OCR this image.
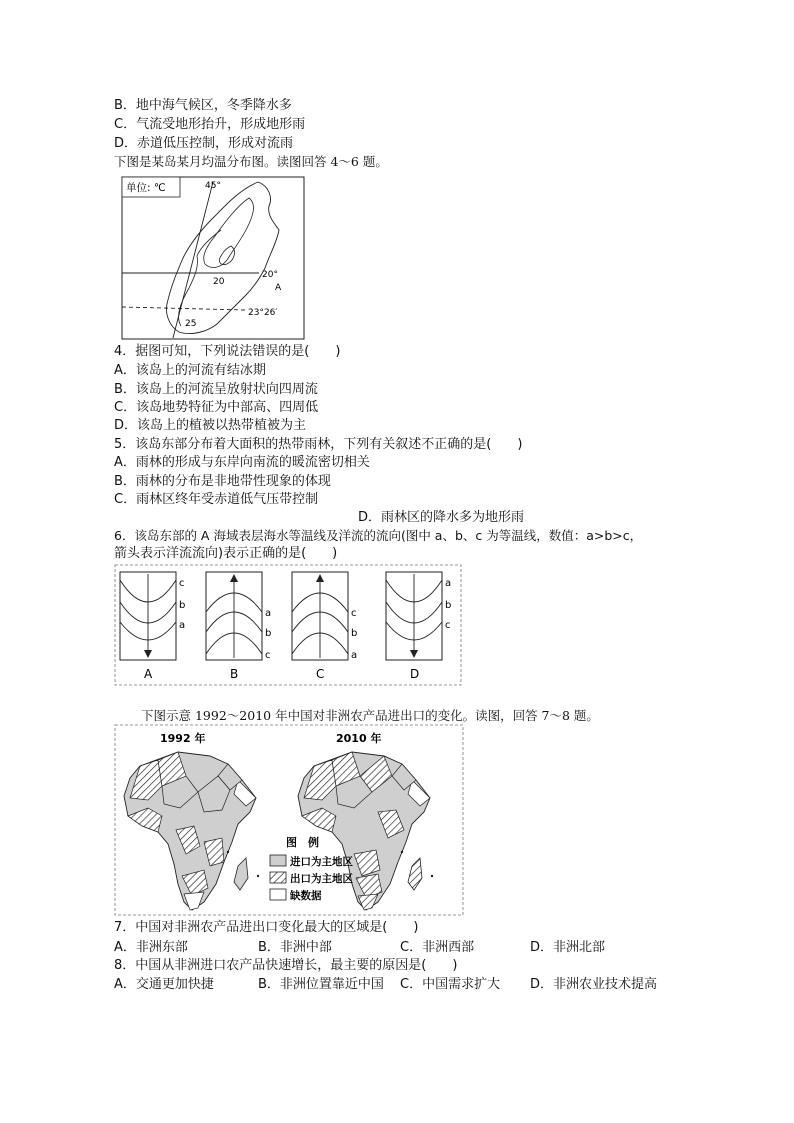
B．地中海气候区，冬季降水多
C．气流受地形抬升，形成地形雨
D．赤道低压控制，形成对流雨
下图是某岛某月均温分布图。读图回答 4～6 题。
单位: ℃	45°
20°
23°26′
20
25
A
4．据图可知，下列说法错误的是(　　)
A．该岛上的河流有结冰期
B．该岛上的河流呈放射状向四周流
C．该岛地势特征为中部高、四周低
D．该岛上的植被以热带植被为主
5．该岛东部分布着大面积的热带雨林，下列有关叙述不正确的是(　　)
A．雨林的形成与东岸向南流的暖流密切相关
B．雨林的分布是非地带性现象的体现
C．雨林区终年受赤道低气压带控制
D．雨林区的降水多为地形雨
6．该岛东部的 A 海域表层海水等温线及洋流的流向(图中 a、b、c 为等温线，数值：a>b>c，
箭头表示洋流流向)表示正确的是(　　)
c
b
a
A
a
b
c
B
c
b
a
C
a
b
c
D
下图示意 1992～2010 年中国对非洲农产品进出口的变化。读图，回答 7～8 题。
1992 年	2010 年
图　例
进口为主地区
出口为主地区
缺数据
7．中国对非洲农产品进出口变化最大的区域是(　　)
A．非洲东部	B．非洲中部	C．非洲西部	D．非洲北部
8．中国从非洲进口农产品快速增长，最主要的原因是(　　)
A．交通更加快捷	B．非洲位置靠近中国 C．中国需求扩大 D．非洲农业技术提高
